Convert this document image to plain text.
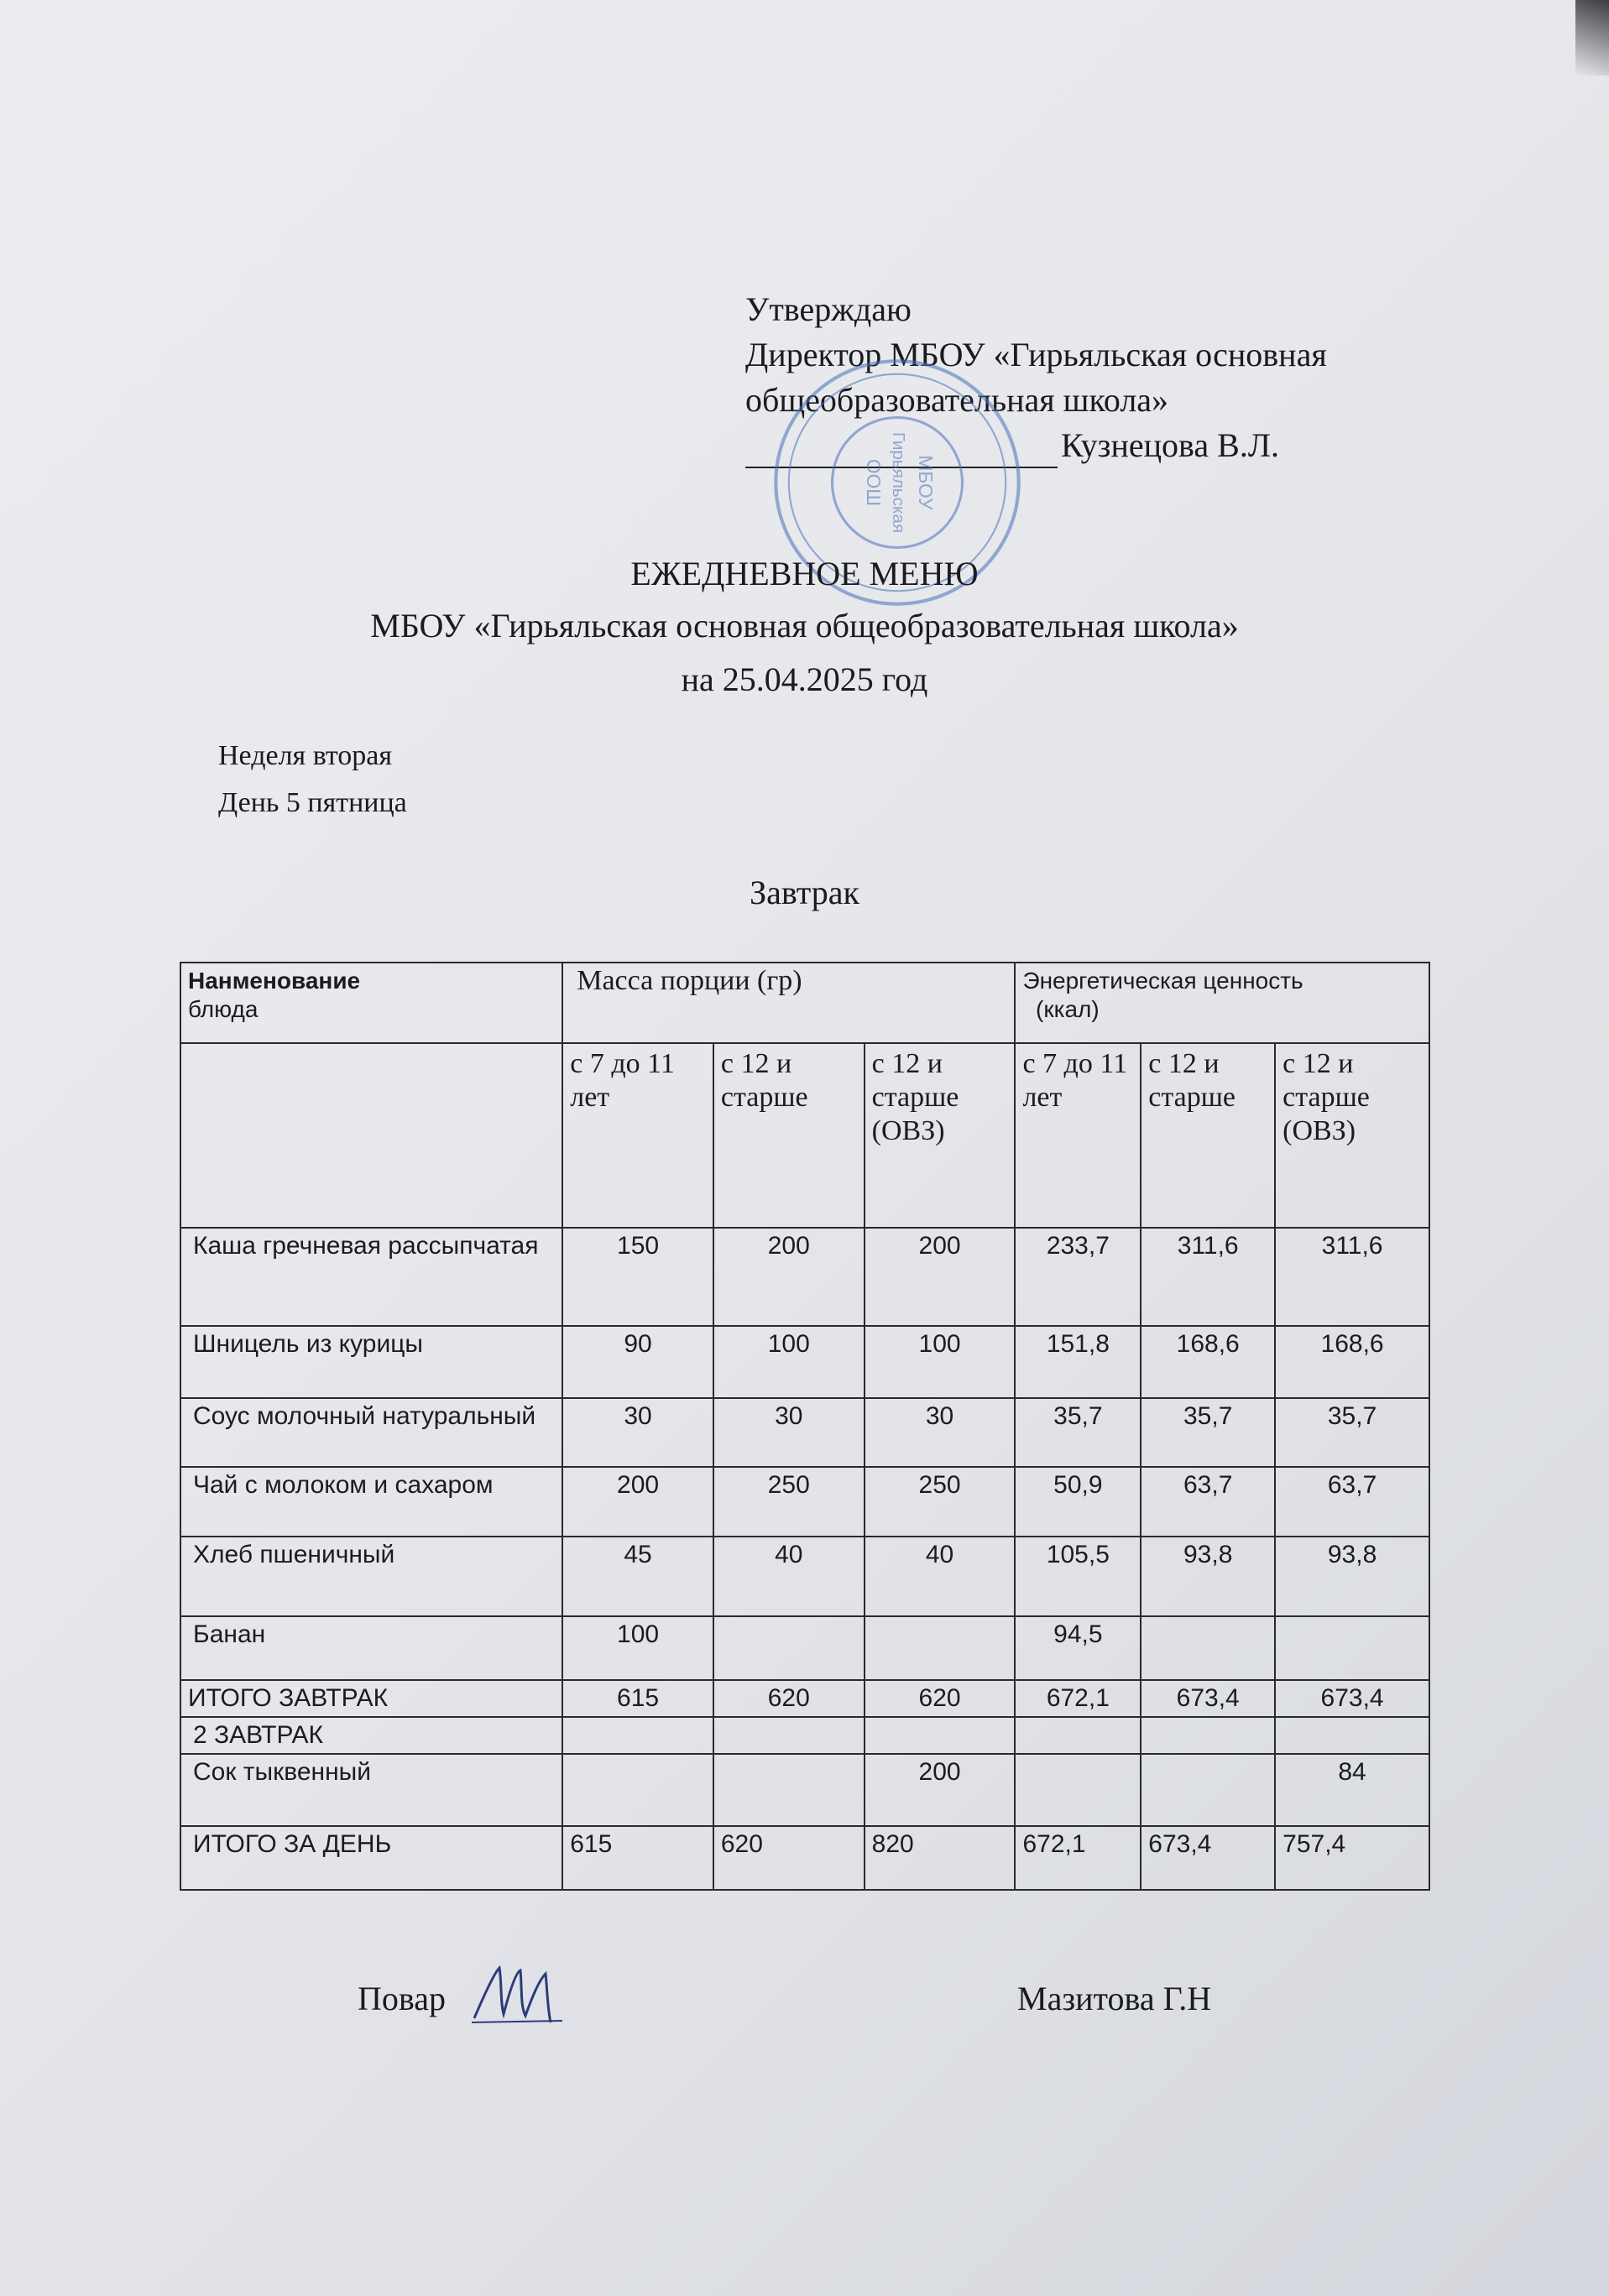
Утверждаю
Директор МБОУ «Гирьяльская основная
общеобразовательная школа»
Кузнецова В.Л.
МБОУ
Гирьяльская
ООШ
ЕЖЕДНЕВНОЕ МЕНЮ
МБОУ «Гирьяльская основная общеобразовательная школа»
на 25.04.2025 год
Неделя вторая
День 5 пятница
Завтрак
Нанменование
блюда	Масса порции (гр)			Энергетическая ценность
(ккал)		
	с 7 до 11 лет	с 12 и старше	с 12 и старше (ОВЗ)	с 7 до 11 лет	с 12 и старше	с 12 и старше (ОВЗ)
Каша гречневая рассыпчатая	150	200	200	233,7	311,6	311,6
Шницель из курицы	90	100	100	151,8	168,6	168,6
Соус молочный натуральный	30	30	30	35,7	35,7	35,7
Чай с молоком и сахаром	200	250	250	50,9	63,7	63,7
Хлеб пшеничный	45	40	40	105,5	93,8	93,8
Банан	100			94,5		
ИТОГО ЗАВТРАК	615	620	620	672,1	673,4	673,4
2 ЗАВТРАК						
Сок тыквенный			200			84
ИТОГО ЗА ДЕНЬ	615	620	820	672,1	673,4	757,4
Повар	Мазитова Г.Н
